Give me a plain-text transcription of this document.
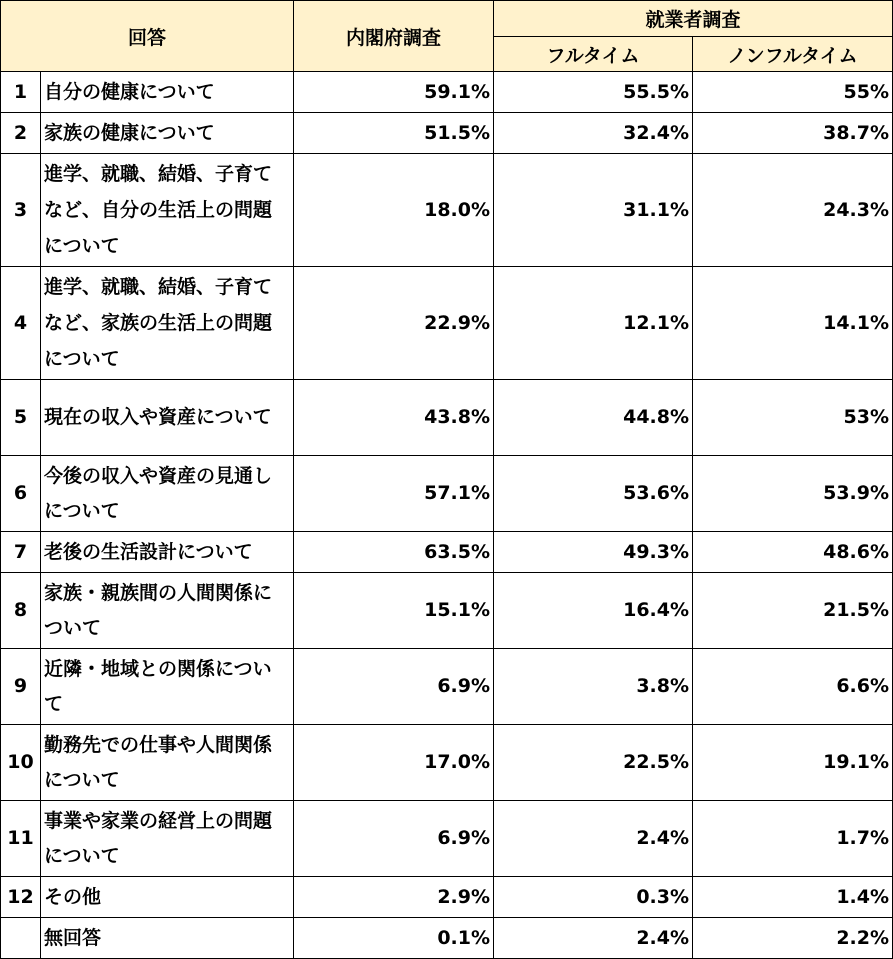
回答		内閣府調査	就業者調査	
			フルタイム	ノンフルタイム
1	自分の健康について	59.1%	55.5%	55%
2	家族の健康について	51.5%	32.4%	38.7%
3	進学、就職、結婚、子育てなど、自分の生活上の問題について	18.0%	31.1%	24.3%
4	進学、就職、結婚、子育てなど、家族の生活上の問題について	22.9%	12.1%	14.1%
5	現在の収入や資産について	43.8%	44.8%	53%
6	今後の収入や資産の見通しについて	57.1%	53.6%	53.9%
7	老後の生活設計について	63.5%	49.3%	48.6%
8	家族・親族間の人間関係について	15.1%	16.4%	21.5%
9	近隣・地域との関係について	6.9%	3.8%	6.6%
10	勤務先での仕事や人間関係について	17.0%	22.5%	19.1%
11	事業や家業の経営上の問題について	6.9%	2.4%	1.7%
12	その他	2.9%	0.3%	1.4%
	無回答	0.1%	2.4%	2.2%
